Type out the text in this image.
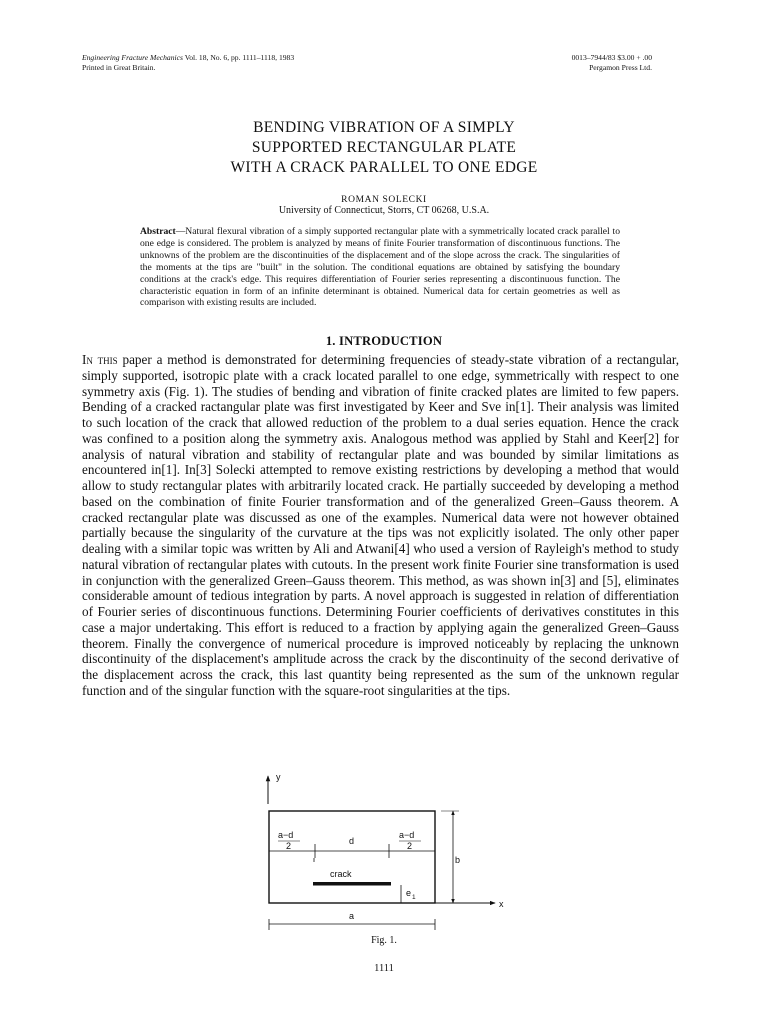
Engineering Fracture Mechanics Vol. 18, No. 6, pp. 1111–1118, 1983
Printed in Great Britain.
0013–7944/83 $3.00 + .00
Pergamon Press Ltd.
BENDING VIBRATION OF A SIMPLY
SUPPORTED RECTANGULAR PLATE
WITH A CRACK PARALLEL TO ONE EDGE
ROMAN SOLECKI
University of Connecticut, Storrs, CT 06268, U.S.A.
Abstract—Natural flexural vibration of a simply supported rectangular plate with a symmetrically located crack parallel to one edge is considered. The problem is analyzed by means of finite Fourier transformation of discontinuous functions. The unknowns of the problem are the discontinuities of the displacement and of the slope across the crack. The singularities of the moments at the tips are "built" in the solution. The conditional equations are obtained by satisfying the boundary conditions at the crack's edge. This requires differentiation of Fourier series representing a discontinuous function. The characteristic equation in form of an infinite determinant is obtained. Numerical data for certain geometries as well as comparison with existing results are included.
1. INTRODUCTION
In this paper a method is demonstrated for determining frequencies of steady-state vibration of a rectangular, simply supported, isotropic plate with a crack located parallel to one edge, symmetrically with respect to one symmetry axis (Fig. 1). The studies of bending and vibration of finite cracked plates are limited to few papers. Bending of a cracked ractangular plate was first investigated by Keer and Sve in[1]. Their analysis was limited to such location of the crack that allowed reduction of the problem to a dual series equation. Hence the crack was confined to a position along the symmetry axis. Analogous method was applied by Stahl and Keer[2] for analysis of natural vibration and stability of rectangular plate and was bounded by similar limitations as encountered in[1]. In[3] Solecki attempted to remove existing restrictions by developing a method that would allow to study rectangular plates with arbitrarily located crack. He partially succeeded by developing a method based on the combination of finite Fourier transformation and of the generalized Green–Gauss theorem. A cracked rectangular plate was discussed as one of the examples. Numerical data were not however obtained partially because the singularity of the curvature at the tips was not explicitly isolated. The only other paper dealing with a similar topic was written by Ali and Atwani[4] who used a version of Rayleigh's method to study natural vibration of rectangular plates with cutouts. In the present work finite Fourier sine transformation is used in conjunction with the generalized Green–Gauss theorem. This method, as was shown in[3] and [5], eliminates considerable amount of tedious integration by parts. A novel approach is suggested in relation of differentiation of Fourier series of discontinuous functions. Determining Fourier coefficients of derivatives constitutes in this case a major undertaking. This effort is reduced to a fraction by applying again the generalized Green–Gauss theorem. Finally the convergence of numerical procedure is improved noticeably by replacing the unknown discontinuity of the displacement's amplitude across the crack by the discontinuity of the second derivative of the displacement across the crack, this last quantity being represented as the sum of the unknown regular function and of the singular function with the square-root singularities at the tips.
y
a−d
2	d
a−d
2
crack
e 1
b
x
a
Fig. 1.
1111
